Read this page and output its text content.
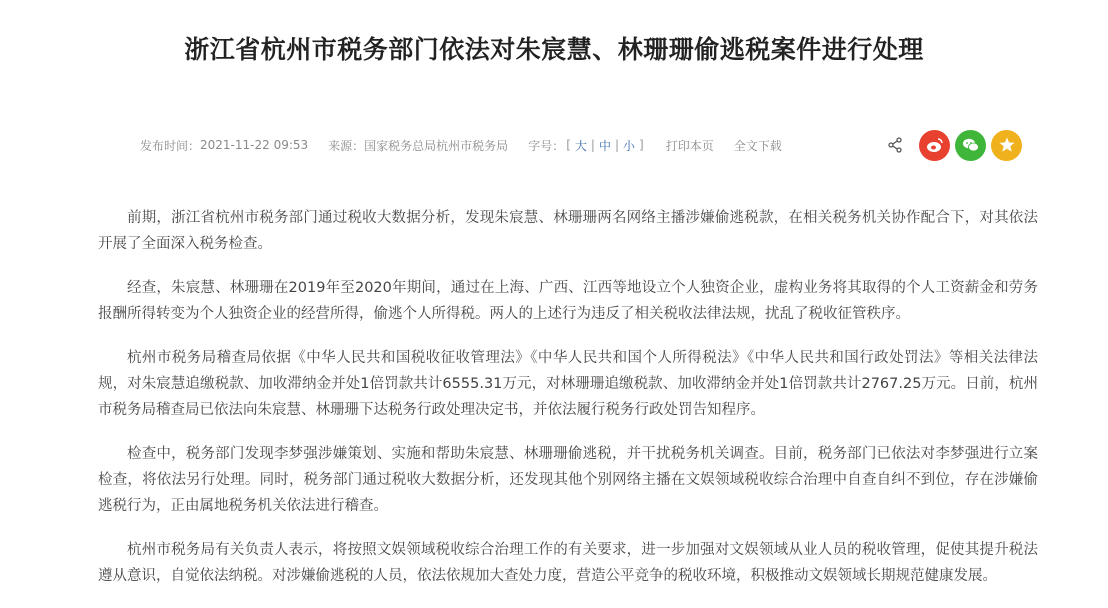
浙江省杭州市税务部门依法对朱宸慧、林珊珊偷逃税案件进行处理
发布时间： 2021-11-22 09:53 来源： 国家税务总局杭州市税务局 字号： [ 大 | 中 | 小 ] 打印本页 全文下载

前期，浙江省杭州市税务部门通过税收大数据分析，发现朱宸慧、林珊珊两名网络主播涉嫌偷逃税款，在相关税务机关协作配合下，对其依法开展了全面深入税务检查。

经查，朱宸慧、林珊珊在2019年至2020年期间，通过在上海、广西、江西等地设立个人独资企业，虚构业务将其取得的个人工资薪金和劳务报酬所得转变为个人独资企业的经营所得，偷逃个人所得税。两人的上述行为违反了相关税收法律法规，扰乱了税收征管秩序。

杭州市税务局稽查局依据《中华人民共和国税收征收管理法》《中华人民共和国个人所得税法》《中华人民共和国行政处罚法》等相关法律法规，对朱宸慧追缴税款、加收滞纳金并处1倍罚款共计6555.31万元，对林珊珊追缴税款、加收滞纳金并处1倍罚款共计2767.25万元。日前，杭州市税务局稽查局已依法向朱宸慧、林珊珊下达税务行政处理决定书，并依法履行税务行政处罚告知程序。

检查中，税务部门发现李梦强涉嫌策划、实施和帮助朱宸慧、林珊珊偷逃税，并干扰税务机关调查。目前，税务部门已依法对李梦强进行立案检查，将依法另行处理。同时，税务部门通过税收大数据分析，还发现其他个别网络主播在文娱领域税收综合治理中自查自纠不到位，存在涉嫌偷逃税行为，正由属地税务机关依法进行稽查。

杭州市税务局有关负责人表示，将按照文娱领域税收综合治理工作的有关要求，进一步加强对文娱领域从业人员的税收管理，促使其提升税法遵从意识，自觉依法纳税。对涉嫌偷逃税的人员，依法依规加大查处力度，营造公平竞争的税收环境，积极推动文娱领域长期规范健康发展。
